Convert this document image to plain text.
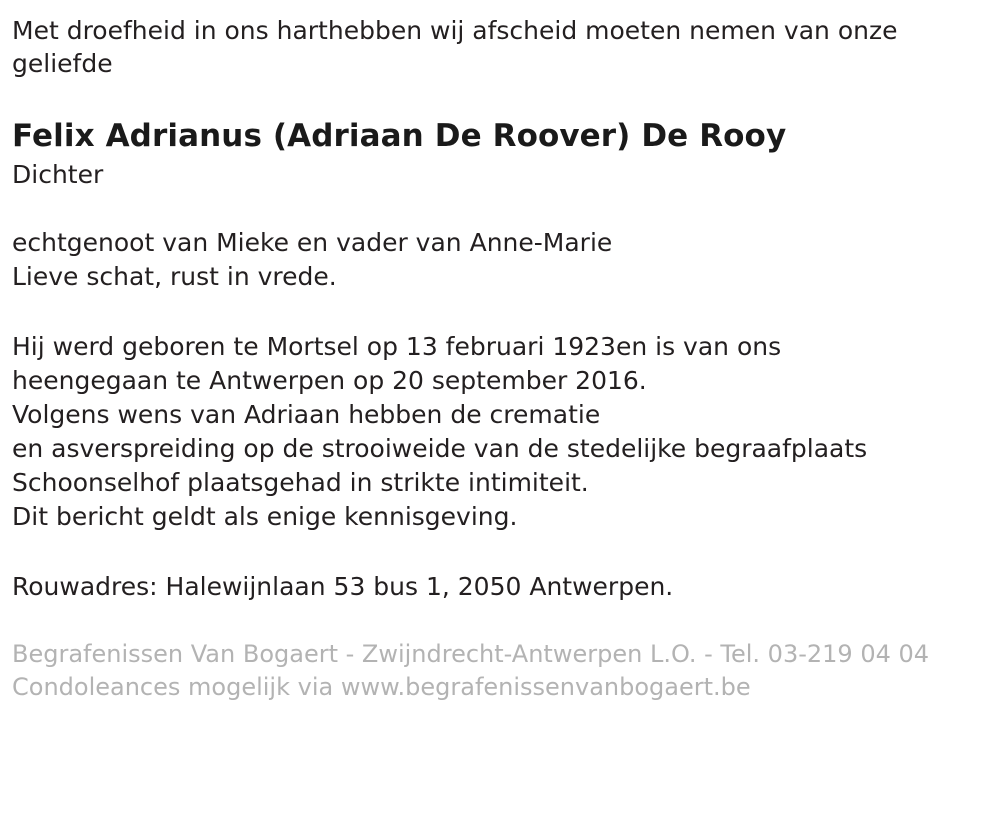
Met droefheid in ons harthebben wij afscheid moeten nemen van onze geliefde

Felix Adrianus (Adriaan De Roover) De Rooy

Dichter

echtgenoot van Mieke en vader van Anne-Marie

Lieve schat, rust in vrede.

Hij werd geboren te Mortsel op 13 februari 1923en is van ons

heengegaan te Antwerpen op 20 september 2016.

Volgens wens van Adriaan hebben de crematie

en asverspreiding op de strooiweide van de stedelijke begraafplaats

Schoonselhof plaatsgehad in strikte intimiteit.

Dit bericht geldt als enige kennisgeving.

Rouwadres: Halewijnlaan 53 bus 1, 2050 Antwerpen.

Begrafenissen Van Bogaert - Zwijndrecht-Antwerpen L.O. - Tel. 03-219 04 04 Condoleances mogelijk via www.begrafenissenvanbogaert.be
